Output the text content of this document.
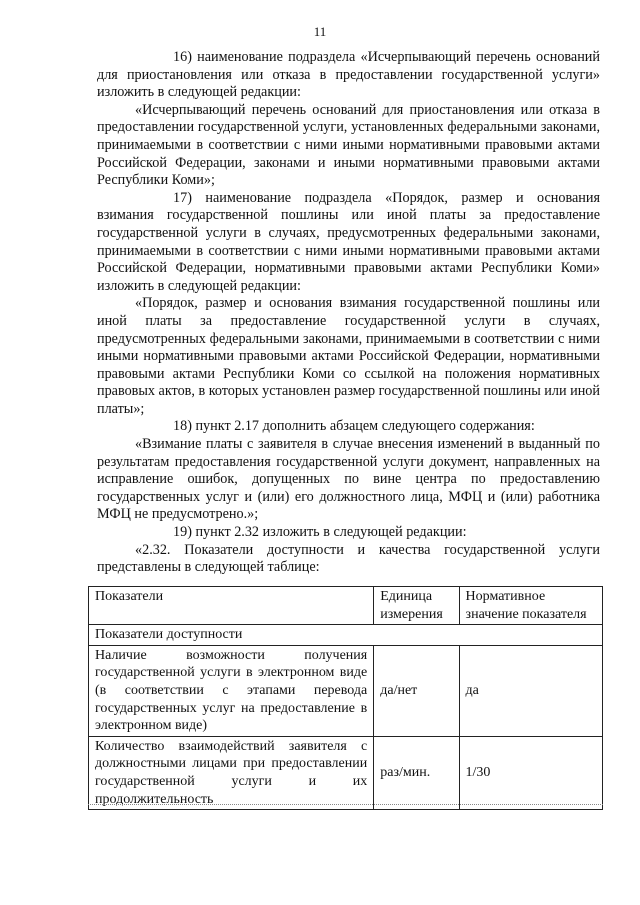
11

16) наименование подраздела «Исчерпывающий перечень оснований для приостановления или отказа в предоставлении государственной услуги» изложить в следующей редакции:

«Исчерпывающий перечень оснований для приостановления или отказа в предоставлении государственной услуги, установленных федеральными законами, принимаемыми в соответствии с ними иными нормативными правовыми актами Российской Федерации, законами и иными нормативными правовыми актами Республики Коми»;

17) наименование подраздела «Порядок, размер и основания взимания государственной пошлины или иной платы за предоставление государственной услуги в случаях, предусмотренных федеральными законами, принимаемыми в соответствии с ними иными нормативными правовыми актами Российской Федерации, нормативными правовыми актами Республики Коми» изложить в следующей редакции:

«Порядок, размер и основания взимания государственной пошлины или иной платы за предоставление государственной услуги в случаях, предусмотренных федеральными законами, принимаемыми в соответствии с ними иными нормативными правовыми актами Российской Федерации, нормативными правовыми актами Республики Коми со ссылкой на положения нормативных правовых актов, в которых установлен размер государственной пошлины или иной платы»;

18) пункт 2.17 дополнить абзацем следующего содержания:

«Взимание платы с заявителя в случае внесения изменений в выданный по результатам предоставления государственной услуги документ, направленных на исправление ошибок, допущенных по вине центра по предоставлению государственных услуг и (или) его должностного лица, МФЦ и (или) работника МФЦ не предусмотрено.»;

19) пункт 2.32 изложить в следующей редакции:

«2.32. Показатели доступности и качества государственной услуги представлены в следующей таблице:

Показатели	Единица измерения	Нормативное значение показателя
Показатели доступности		
Наличие возможности получения государственной услуги в электронном виде (в соответствии с этапами перевода государственных услуг на предоставление в электронном виде)	да/нет	да
Количество взаимодействий заявителя с должностными лицами при предоставлении государственной услуги и их продолжительность	раз/мин.	1/30
